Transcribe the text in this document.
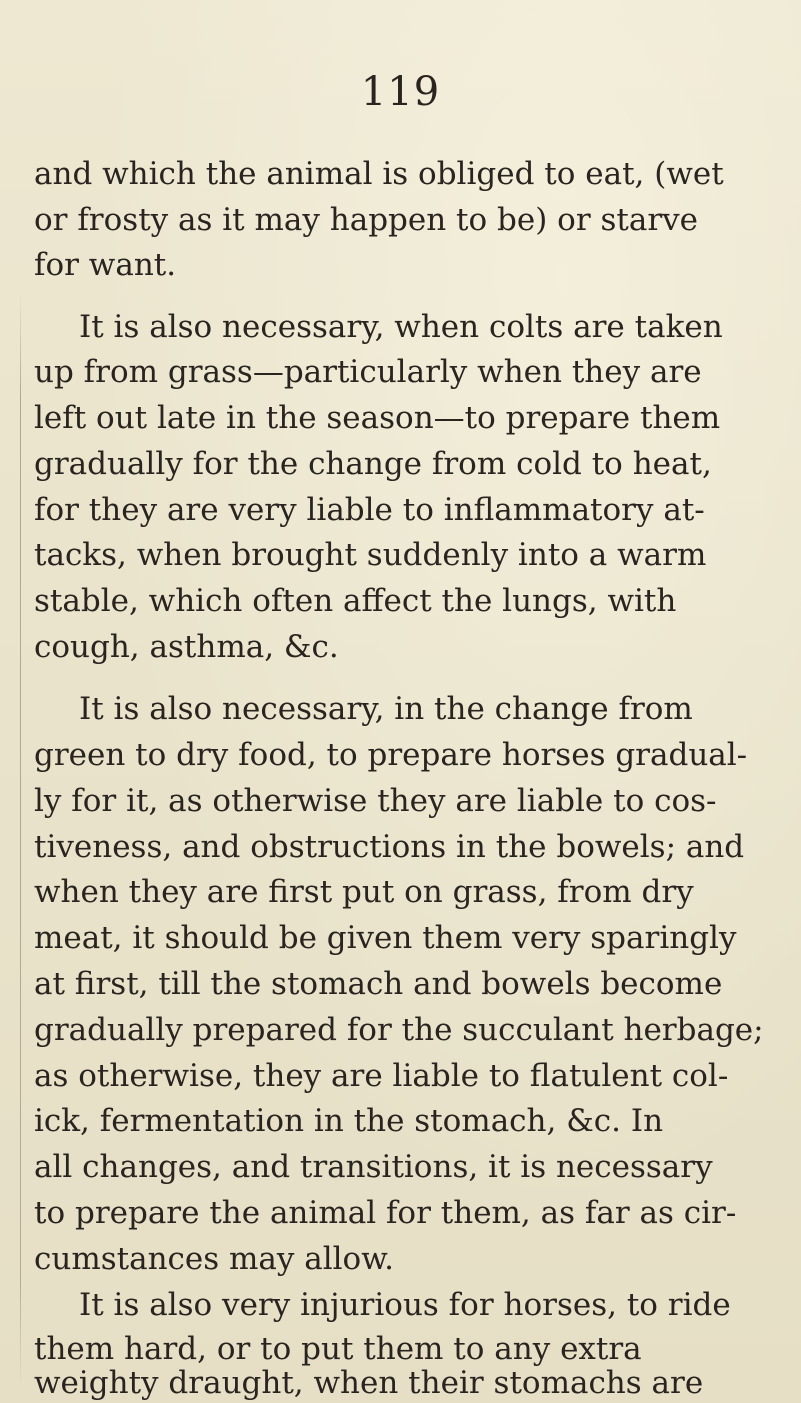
119
and which the animal is obliged to eat, (wet
or frosty as it may happen to be) or starve
for want.
It is also necessary, when colts are taken
up from grass—particularly when they are
left out late in the season—to prepare them
gradually for the change from cold to heat,
for they are very liable to inflammatory at-
tacks, when brought suddenly into a warm
stable, which often affect the lungs, with
cough, asthma, &c.
It is also necessary, in the change from
green to dry food, to prepare horses gradual-
ly for it, as otherwise they are liable to cos-
tiveness, and obstructions in the bowels; and
when they are first put on grass, from dry
meat, it should be given them very sparingly
at first, till the stomach and bowels become
gradually prepared for the succulant herbage;
as otherwise, they are liable to flatulent col-
ick, fermentation in the stomach, &c. In
all changes, and transitions, it is necessary
to prepare the animal for them, as far as cir-
cumstances may allow.
It is also very injurious for horses, to ride
them hard, or to put them to any extra
weighty draught, when their stomachs are
